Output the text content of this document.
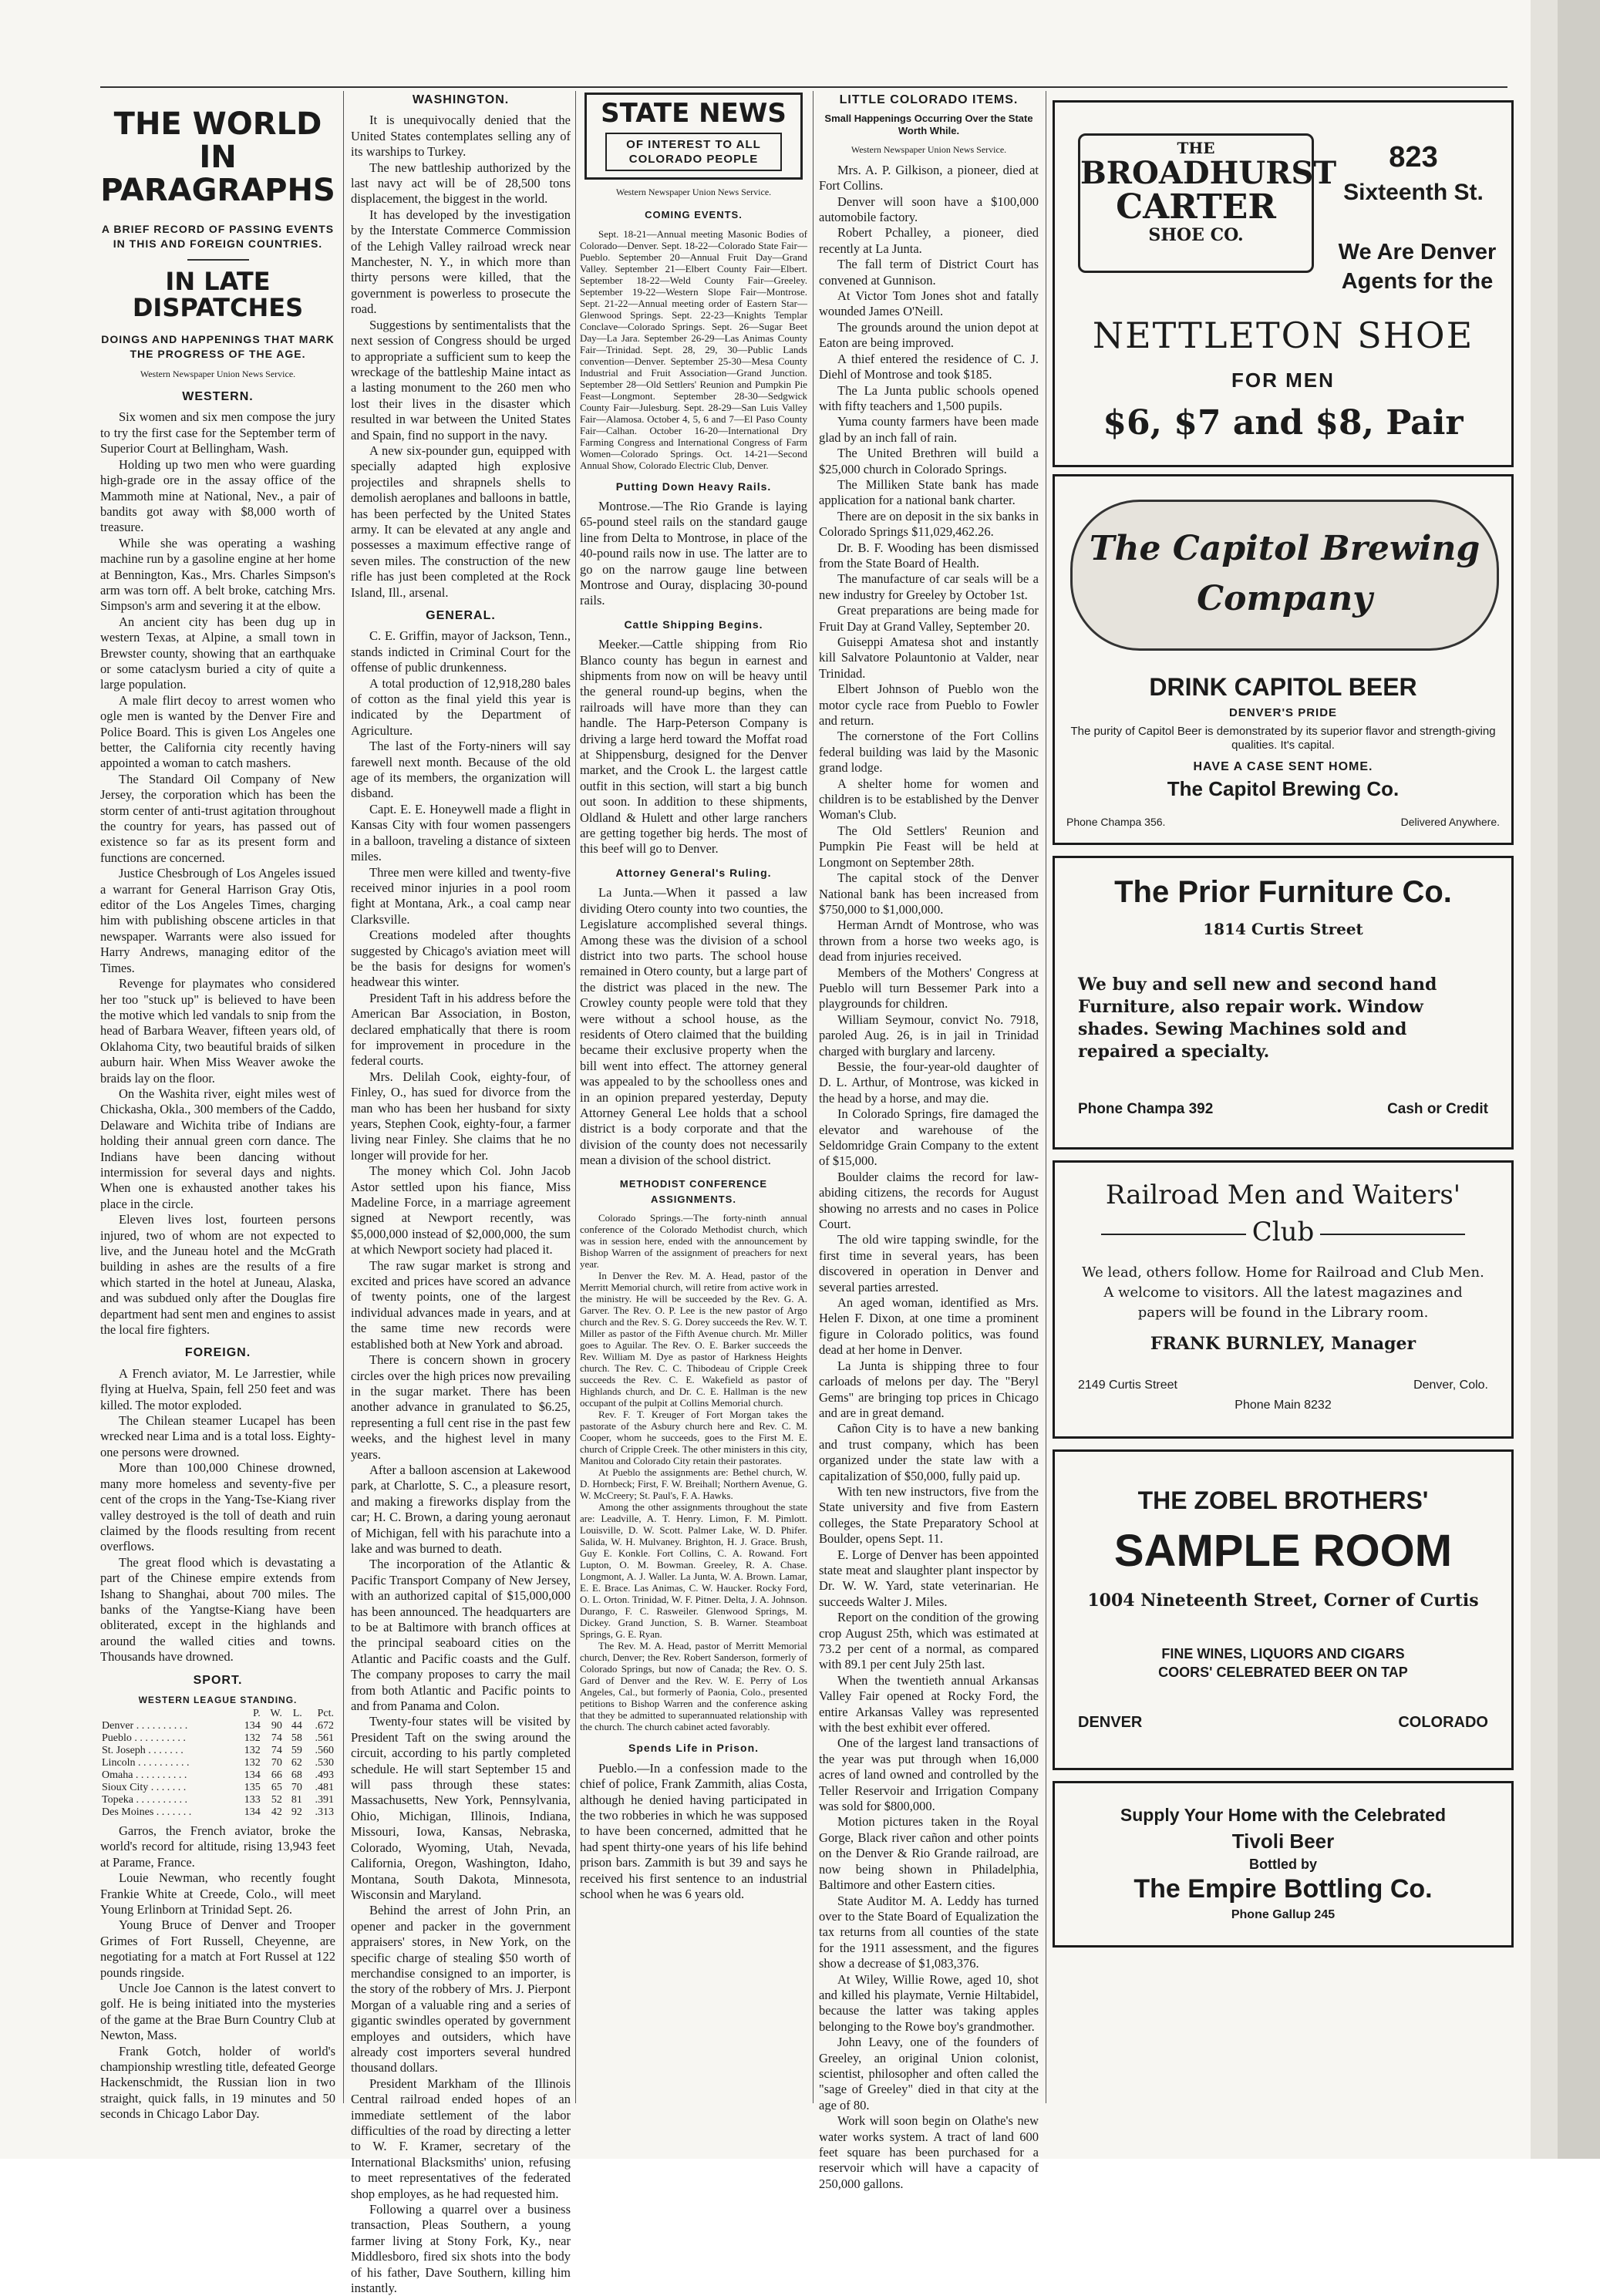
THE WORLD IN PARAGRAPHS
A BRIEF RECORD OF PASSING EVENTS IN THIS AND FOREIGN COUNTRIES.
IN LATE DISPATCHES
DOINGS AND HAPPENINGS THAT MARK THE PROGRESS OF THE AGE.
Western Newspaper Union News Service.
WESTERN.

Six women and six men compose the jury to try the first case for the September term of Superior Court at Bellingham, Wash.

Holding up two men who were guarding high-grade ore in the assay office of the Mammoth mine at National, Nev., a pair of bandits got away with $8,000 worth of treasure.

While she was operating a washing machine run by a gasoline engine at her home at Bennington, Kas., Mrs. Charles Simpson's arm was torn off. A belt broke, catching Mrs. Simpson's arm and severing it at the elbow.

An ancient city has been dug up in western Texas, at Alpine, a small town in Brewster county, showing that an earthquake or some cataclysm buried a city of quite a large population.

A male flirt decoy to arrest women who ogle men is wanted by the Denver Fire and Police Board. This is given Los Angeles one better, the California city recently having appointed a woman to catch mashers.

The Standard Oil Company of New Jersey, the corporation which has been the storm center of anti-trust agitation throughout the country for years, has passed out of existence so far as its present form and functions are concerned.

Justice Chesbrough of Los Angeles issued a warrant for General Harrison Gray Otis, editor of the Los Angeles Times, charging him with publishing obscene articles in that newspaper. Warrants were also issued for Harry Andrews, managing editor of the Times.

Revenge for playmates who considered her too "stuck up" is believed to have been the motive which led vandals to snip from the head of Barbara Weaver, fifteen years old, of Oklahoma City, two beautiful braids of silken auburn hair. When Miss Weaver awoke the braids lay on the floor.

On the Washita river, eight miles west of Chickasha, Okla., 300 members of the Caddo, Delaware and Wichita tribe of Indians are holding their annual green corn dance. The Indians have been dancing without intermission for several days and nights. When one is exhausted another takes his place in the circle.

Eleven lives lost, fourteen persons injured, two of whom are not expected to live, and the Juneau hotel and the McGrath building in ashes are the results of a fire which started in the hotel at Juneau, Alaska, and was subdued only after the Douglas fire department had sent men and engines to assist the local fire fighters.

FOREIGN.

A French aviator, M. Le Jarrestier, while flying at Huelva, Spain, fell 250 feet and was killed. The motor exploded.

The Chilean steamer Lucapel has been wrecked near Lima and is a total loss. Eighty-one persons were drowned.

More than 100,000 Chinese drowned, many more homeless and seventy-five per cent of the crops in the Yang-Tse-Kiang river valley destroyed is the toll of death and ruin claimed by the floods resulting from recent overflows.

The great flood which is devastating a part of the Chinese empire extends from Ishang to Shanghai, about 700 miles. The banks of the Yangtse-Kiang have been obliterated, except in the highlands and around the walled cities and towns. Thousands have drowned.

SPORT.
WESTERN LEAGUE STANDING.
	P.	W.	L.	Pct.
Denver . . . . . . . . . .	134	90	44	.672
Pueblo . . . . . . . . . .	132	74	58	.561
St. Joseph . . . . . . .	132	74	59	.560
Lincoln . . . . . . . . . .	132	70	62	.530
Omaha . . . . . . . . . .	134	66	68	.493
Sioux City . . . . . . .	135	65	70	.481
Topeka . . . . . . . . . .	133	52	81	.391
Des Moines . . . . . . .	134	42	92	.313

Garros, the French aviator, broke the world's record for altitude, rising 13,943 feet at Parame, France.

Louie Newman, who recently fought Frankie White at Creede, Colo., will meet Young Erlinborn at Trinidad Sept. 26.

Young Bruce of Denver and Trooper Grimes of Fort Russell, Cheyenne, are negotiating for a match at Fort Russel at 122 pounds ringside.

Uncle Joe Cannon is the latest convert to golf. He is being initiated into the mysteries of the game at the Brae Burn Country Club at Newton, Mass.

Frank Gotch, holder of world's championship wrestling title, defeated George Hackenschmidt, the Russian lion in two straight, quick falls, in 19 minutes and 50 seconds in Chicago Labor Day.

WASHINGTON.

It is unequivocally denied that the United States contemplates selling any of its warships to Turkey.

The new battleship authorized by the last navy act will be of 28,500 tons displacement, the biggest in the world.

It has developed by the investigation by the Interstate Commerce Commission of the Lehigh Valley railroad wreck near Manchester, N. Y., in which more than thirty persons were killed, that the government is powerless to prosecute the road.

Suggestions by sentimentalists that the next session of Congress should be urged to appropriate a sufficient sum to keep the wreckage of the battleship Maine intact as a lasting monument to the 260 men who lost their lives in the disaster which resulted in war between the United States and Spain, find no support in the navy.

A new six-pounder gun, equipped with specially adapted high explosive projectiles and shrapnels shells to demolish aeroplanes and balloons in battle, has been perfected by the United States army. It can be elevated at any angle and possesses a maximum effective range of seven miles. The construction of the new rifle has just been completed at the Rock Island, Ill., arsenal.

GENERAL.

C. E. Griffin, mayor of Jackson, Tenn., stands indicted in Criminal Court for the offense of public drunkenness.

A total production of 12,918,280 bales of cotton as the final yield this year is indicated by the Department of Agriculture.

The last of the Forty-niners will say farewell next month. Because of the old age of its members, the organization will disband.

Capt. E. E. Honeywell made a flight in Kansas City with four women passengers in a balloon, traveling a distance of sixteen miles.

Three men were killed and twenty-five received minor injuries in a pool room fight at Montana, Ark., a coal camp near Clarksville.

Creations modeled after thoughts suggested by Chicago's aviation meet will be the basis for designs for women's headwear this winter.

President Taft in his address before the American Bar Association, in Boston, declared emphatically that there is room for improvement in procedure in the federal courts.

Mrs. Delilah Cook, eighty-four, of Finley, O., has sued for divorce from the man who has been her husband for sixty years, Stephen Cook, eighty-four, a farmer living near Finley. She claims that he no longer will provide for her.

The money which Col. John Jacob Astor settled upon his fiance, Miss Madeline Force, in a marriage agreement signed at Newport recently, was $5,000,000 instead of $2,000,000, the sum at which Newport society had placed it.

The raw sugar market is strong and excited and prices have scored an advance of twenty points, one of the largest individual advances made in years, and at the same time new records were established both at New York and abroad.

There is concern shown in grocery circles over the high prices now prevailing in the sugar market. There has been another advance in granulated to $6.25, representing a full cent rise in the past few weeks, and the highest level in many years.

After a balloon ascension at Lakewood park, at Charlotte, S. C., a pleasure resort, and making a fireworks display from the car; H. C. Brown, a daring young aeronaut of Michigan, fell with his parachute into a lake and was burned to death.

The incorporation of the Atlantic & Pacific Transport Company of New Jersey, with an authorized capital of $15,000,000 has been announced. The headquarters are to be at Baltimore with branch offices at the principal seaboard cities on the Atlantic and Pacific coasts and the Gulf. The company proposes to carry the mail from both Atlantic and Pacific points to and from Panama and Colon.

Twenty-four states will be visited by President Taft on the swing around the circuit, according to his partly completed schedule. He will start September 15 and will pass through these states: Massachusetts, New York, Pennsylvania, Ohio, Michigan, Illinois, Indiana, Missouri, Iowa, Kansas, Nebraska, Colorado, Wyoming, Utah, Nevada, California, Oregon, Washington, Idaho, Montana, South Dakota, Minnesota, Wisconsin and Maryland.

Behind the arrest of John Prin, an opener and packer in the government appraisers' stores, in New York, on the specific charge of stealing $50 worth of merchandise consigned to an importer, is the story of the robbery of Mrs. J. Pierpont Morgan of a valuable ring and a series of gigantic swindles operated by government employes and outsiders, which have already cost importers several hundred thousand dollars.

President Markham of the Illinois Central railroad ended hopes of an immediate settlement of the labor difficulties of the road by directing a letter to W. F. Kramer, secretary of the International Blacksmiths' union, refusing to meet representatives of the federated shop employes, as he had requested him.

Following a quarrel over a business transaction, Pleas Southern, a young farmer living at Stony Fork, Ky., near Middlesboro, fired six shots into the body of his father, Dave Southern, killing him instantly.

STATE NEWS
OF INTEREST TO ALL COLORADO PEOPLE
Western Newspaper Union News Service.
COMING EVENTS.

Sept. 18-21—Annual meeting Masonic Bodies of Colorado—Denver. Sept. 18-22—Colorado State Fair—Pueblo. September 20—Annual Fruit Day—Grand Valley. September 21—Elbert County Fair—Elbert. September 18-22—Weld County Fair—Greeley. September 19-22—Western Slope Fair—Montrose. Sept. 21-22—Annual meeting order of Eastern Star—Glenwood Springs. Sept. 22-23—Knights Templar Conclave—Colorado Springs. Sept. 26—Sugar Beet Day—La Jara. September 26-29—Las Animas County Fair—Trinidad. Sept. 28, 29, 30—Public Lands convention—Denver. September 25-30—Mesa County Industrial and Fruit Association—Grand Junction. September 28—Old Settlers' Reunion and Pumpkin Pie Feast—Longmont. September 28-30—Sedgwick County Fair—Julesburg. Sept. 28-29—San Luis Valley Fair—Alamosa. October 4, 5, 6 and 7—El Paso County Fair—Calhan. October 16-20—International Dry Farming Congress and International Congress of Farm Women—Colorado Springs. Oct. 14-21—Second Annual Show, Colorado Electric Club, Denver.

Putting Down Heavy Rails.

Montrose.—The Rio Grande is laying 65-pound steel rails on the standard gauge line from Delta to Montrose, in place of the 40-pound rails now in use. The latter are to go on the narrow gauge line between Montrose and Ouray, displacing 30-pound rails.

Cattle Shipping Begins.

Meeker.—Cattle shipping from Rio Blanco county has begun in earnest and shipments from now on will be heavy until the general round-up begins, when the railroads will have more than they can handle. The Harp-Peterson Company is driving a large herd toward the Moffat road at Shippensburg, designed for the Denver market, and the Crook L. the largest cattle outfit in this section, will start a big bunch out soon. In addition to these shipments, Oldland & Hulett and other large ranchers are getting together big herds. The most of this beef will go to Denver.

Attorney General's Ruling.

La Junta.—When it passed a law dividing Otero county into two counties, the Legislature accomplished several things. Among these was the division of a school district into two parts. The school house remained in Otero county, but a large part of the district was placed in the new. The Crowley county people were told that they were without a school house, as the residents of Otero claimed that the building became their exclusive property when the bill went into effect. The attorney general was appealed to by the schoolless ones and in an opinion prepared yesterday, Deputy Attorney General Lee holds that a school district is a body corporate and that the division of the county does not necessarily mean a division of the school district.

METHODIST CONFERENCE ASSIGNMENTS.

Colorado Springs.—The forty-ninth annual conference of the Colorado Methodist church, which was in session here, ended with the announcement by Bishop Warren of the assignment of preachers for next year.

In Denver the Rev. M. A. Head, pastor of the Merritt Memorial church, will retire from active work in the ministry. He will be succeeded by the Rev. G. A. Garver. The Rev. O. P. Lee is the new pastor of Argo church and the Rev. S. G. Dorey succeeds the Rev. W. T. Miller as pastor of the Fifth Avenue church. Mr. Miller goes to Aguilar. The Rev. O. E. Barker succeeds the Rev. William M. Dye as pastor of Harkness Heights church. The Rev. C. C. Thibodeau of Cripple Creek succeeds the Rev. C. E. Wakefield as pastor of Highlands church, and Dr. C. E. Hallman is the new occupant of the pulpit at Collins Memorial church.

Rev. F. T. Kreuger of Fort Morgan takes the pastorate of the Asbury church here and Rev. C. M. Cooper, whom he succeeds, goes to the First M. E. church of Cripple Creek. The other ministers in this city, Manitou and Colorado City retain their pastorates.

At Pueblo the assignments are: Bethel church, W. D. Hornbeck; First, F. W. Breihall; Northern Avenue, G. W. McCreery; St. Paul's, F. A. Hawks.

Among the other assignments throughout the state are: Leadville, A. T. Henry. Limon, F. M. Pimlott. Louisville, D. W. Scott. Palmer Lake, W. D. Phifer. Salida, W. H. Mulvaney. Brighton, H. J. Grace. Brush, Guy E. Konkle. Fort Collins, C. A. Rowand. Fort Lupton, O. M. Bowman. Greeley, R. A. Chase. Longmont, A. J. Waller. La Junta, W. A. Brown. Lamar, E. E. Brace. Las Animas, C. W. Haucker. Rocky Ford, O. L. Orton. Trinidad, W. F. Pitner. Delta, J. A. Johnson. Durango, F. C. Rasweiler. Glenwood Springs, M. Dickey. Grand Junction, S. B. Warner. Steamboat Springs, G. E. Ryan.

The Rev. M. A. Head, pastor of Merritt Memorial church, Denver; the Rev. Robert Sanderson, formerly of Colorado Springs, but now of Canada; the Rev. O. S. Gard of Denver and the Rev. W. E. Perry of Los Angeles, Cal., but formerly of Paonia, Colo., presented petitions to Bishop Warren and the conference asking that they be admitted to superannuated relationship with the church. The church cabinet acted favorably.

Spends Life in Prison.

Pueblo.—In a confession made to the chief of police, Frank Zammith, alias Costa, although he denied having participated in the two robberies in which he was supposed to have been concerned, admitted that he had spent thirty-one years of his life behind prison bars. Zammith is but 39 and says he received his first sentence to an industrial school when he was 6 years old.

LITTLE COLORADO ITEMS.
Small Happenings Occurring Over the State Worth While.
Western Newspaper Union News Service.

Mrs. A. P. Gilkison, a pioneer, died at Fort Collins.

Denver will soon have a $100,000 automobile factory.

Robert Pchalley, a pioneer, died recently at La Junta.

The fall term of District Court has convened at Gunnison.

At Victor Tom Jones shot and fatally wounded James O'Neill.

The grounds around the union depot at Eaton are being improved.

A thief entered the residence of C. J. Diehl of Montrose and took $185.

The La Junta public schools opened with fifty teachers and 1,500 pupils.

Yuma county farmers have been made glad by an inch fall of rain.

The United Brethren will build a $25,000 church in Colorado Springs.

The Milliken State bank has made application for a national bank charter.

There are on deposit in the six banks in Colorado Springs $11,029,462.26.

Dr. B. F. Wooding has been dismissed from the State Board of Health.

The manufacture of car seals will be a new industry for Greeley by October 1st.

Great preparations are being made for Fruit Day at Grand Valley, September 20.

Guiseppi Amatesa shot and instantly kill Salvatore Polauntonio at Valder, near Trinidad.

Elbert Johnson of Pueblo won the motor cycle race from Pueblo to Fowler and return.

The cornerstone of the Fort Collins federal building was laid by the Masonic grand lodge.

A shelter home for women and children is to be established by the Denver Woman's Club.

The Old Settlers' Reunion and Pumpkin Pie Feast will be held at Longmont on September 28th.

The capital stock of the Denver National bank has been increased from $750,000 to $1,000,000.

Herman Arndt of Montrose, who was thrown from a horse two weeks ago, is dead from injuries received.

Members of the Mothers' Congress at Pueblo will turn Bessemer Park into a playgrounds for children.

William Seymour, convict No. 7918, paroled Aug. 26, is in jail in Trinidad charged with burglary and larceny.

Bessie, the four-year-old daughter of D. L. Arthur, of Montrose, was kicked in the head by a horse, and may die.

In Colorado Springs, fire damaged the elevator and warehouse of the Seldomridge Grain Company to the extent of $15,000.

Boulder claims the record for law-abiding citizens, the records for August showing no arrests and no cases in Police Court.

The old wire tapping swindle, for the first time in several years, has been discovered in operation in Denver and several parties arrested.

An aged woman, identified as Mrs. Helen F. Dixon, at one time a prominent figure in Colorado politics, was found dead at her home in Denver.

La Junta is shipping three to four carloads of melons per day. The "Beryl Gems" are bringing top prices in Chicago and are in great demand.

Cañon City is to have a new banking and trust company, which has been organized under the state law with a capitalization of $50,000, fully paid up.

With ten new instructors, five from the State university and five from Eastern colleges, the State Preparatory School at Boulder, opens Sept. 11.

E. Lorge of Denver has been appointed state meat and slaughter plant inspector by Dr. W. W. Yard, state veterinarian. He succeeds Walter J. Miles.

Report on the condition of the growing crop August 25th, which was estimated at 73.2 per cent of a normal, as compared with 89.1 per cent July 25th last.

When the twentieth annual Arkansas Valley Fair opened at Rocky Ford, the entire Arkansas Valley was represented with the best exhibit ever offered.

One of the largest land transactions of the year was put through when 16,000 acres of land owned and controlled by the Teller Reservoir and Irrigation Company was sold for $800,000.

Motion pictures taken in the Royal Gorge, Black river cañon and other points on the Denver & Rio Grande railroad, are now being shown in Philadelphia, Baltimore and other Eastern cities.

State Auditor M. A. Leddy has turned over to the State Board of Equalization the tax returns from all counties of the state for the 1911 assessment, and the figures show a decrease of $1,083,376.

At Wiley, Willie Rowe, aged 10, shot and killed his playmate, Vernie Hiltabidel, because the latter was taking apples belonging to the Rowe boy's grandmother.

John Leavy, one of the founders of Greeley, an original Union colonist, scientist, philosopher and often called the "sage of Greeley" died in that city at the age of 80.

Work will soon begin on Olathe's new water works system. A tract of land 600 feet square has been purchased for a reservoir which will have a capacity of 250,000 gallons.

THE
BROADHURST
CARTER
SHOE CO.
823
Sixteenth St.
We Are Denver Agents for the
NETTLETON SHOE
FOR MEN
$6, $7 and $8, Pair
The Capitol Brewing
Company
DRINK CAPITOL BEER
DENVER'S PRIDE
The purity of Capitol Beer is demonstrated by its superior flavor and strength-giving qualities. It's capital.
HAVE A CASE SENT HOME.
The Capitol Brewing Co.
Phone Champa 356.	Delivered Anywhere.
The Prior Furniture Co.
1814 Curtis Street
We buy and sell new and second hand Furniture, also repair work. Window shades. Sewing Machines sold and repaired a specialty.
Phone Champa 392	Cash or Credit
Railroad Men and Waiters'
Club
We lead, others follow. Home for Railroad and Club Men. A welcome to visitors. All the latest magazines and papers will be found in the Library room.
FRANK BURNLEY, Manager
2149 Curtis Street	Denver, Colo.
Phone Main 8232
THE ZOBEL BROTHERS'
SAMPLE ROOM
1004 Nineteenth Street, Corner of Curtis
FINE WINES, LIQUORS AND CIGARS
COORS' CELEBRATED BEER ON TAP
DENVER	COLORADO
Supply Your Home with the Celebrated
Tivoli Beer
Bottled by
The Empire Bottling Co.
Phone Gallup 245
